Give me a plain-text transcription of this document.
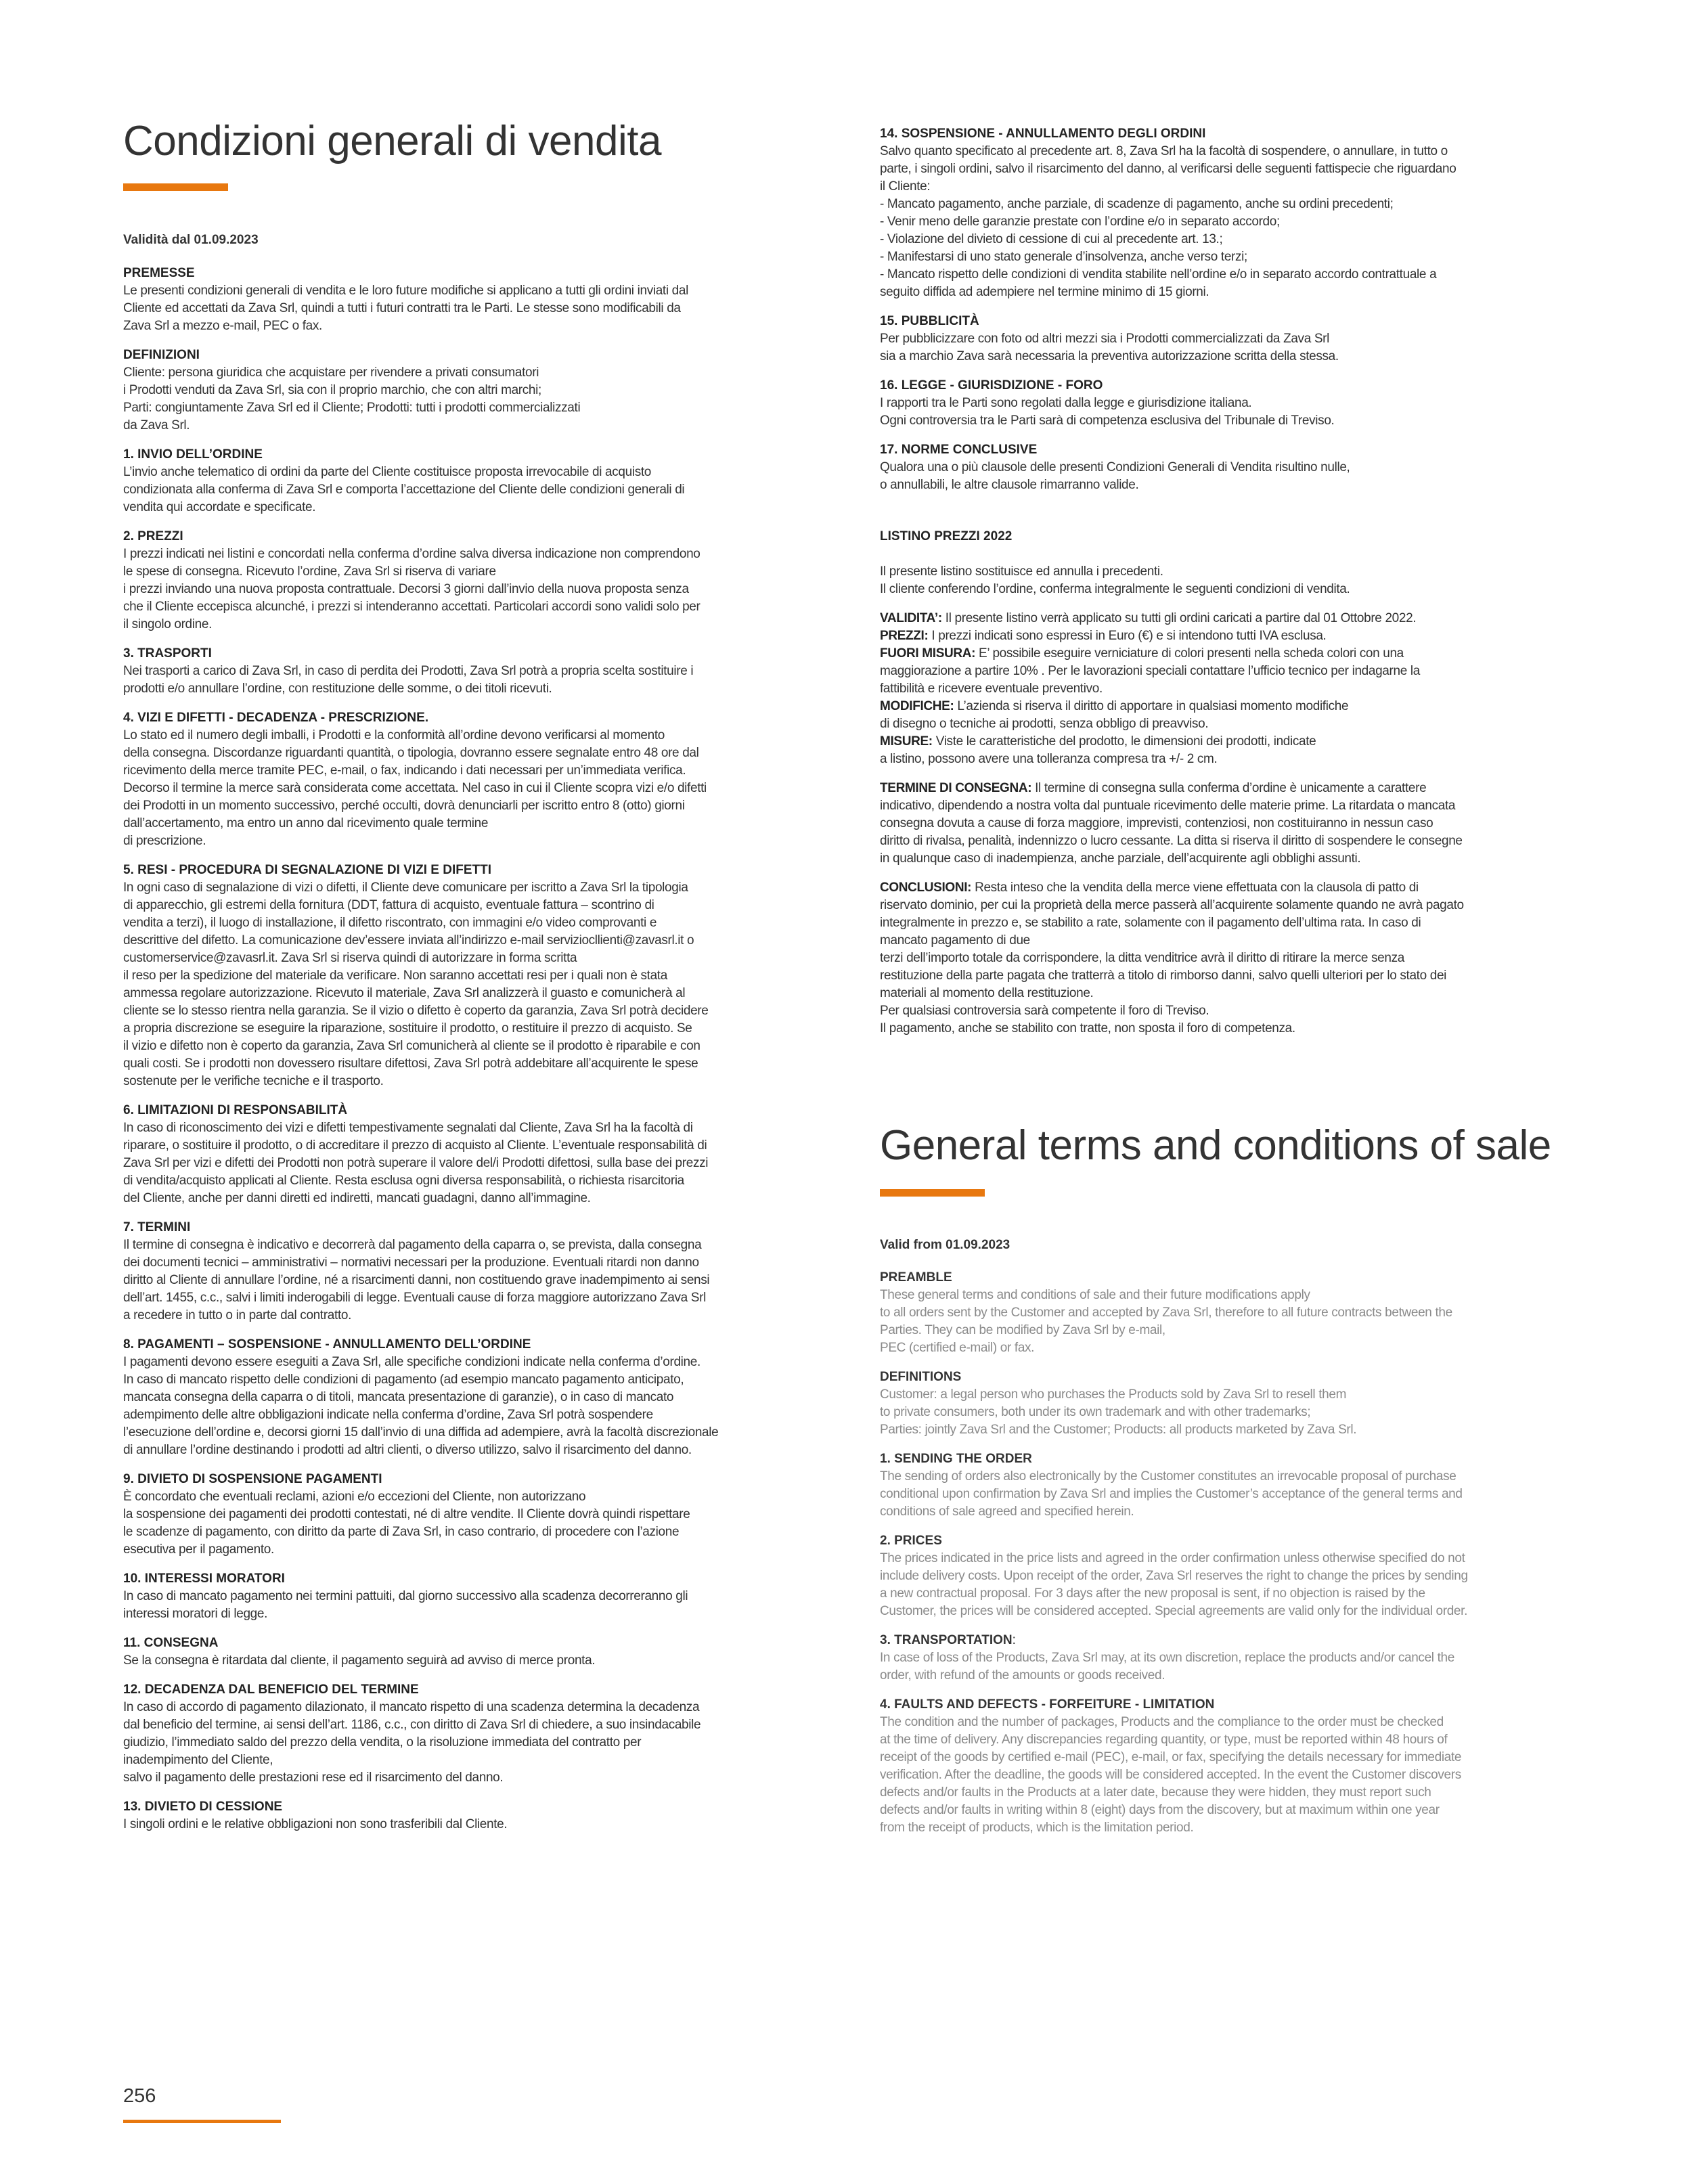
Condizioni generali di vendita
Validità dal 01.09.2023
PREMESSE
Le presenti condizioni generali di vendita e le loro future modifiche si applicano a tutti gli ordini inviati dal
Cliente ed accettati da Zava Srl, quindi a tutti i futuri contratti tra le Parti. Le stesse sono modificabili da
Zava Srl a mezzo e-mail, PEC o fax.
DEFINIZIONI
Cliente: persona giuridica che acquistare per rivendere a privati consumatori
i Prodotti venduti da Zava Srl, sia con il proprio marchio, che con altri marchi;
Parti: congiuntamente Zava Srl ed il Cliente; Prodotti: tutti i prodotti commercializzati
da Zava Srl.
1. INVIO DELL’ORDINE
L’invio anche telematico di ordini da parte del Cliente costituisce proposta irrevocabile di acquisto
condizionata alla conferma di Zava Srl e comporta l’accettazione del Cliente delle condizioni generali di
vendita qui accordate e specificate.
2. PREZZI
I prezzi indicati nei listini e concordati nella conferma d’ordine salva diversa indicazione non comprendono
le spese di consegna. Ricevuto l’ordine, Zava Srl si riserva di variare
i prezzi inviando una nuova proposta contrattuale. Decorsi 3 giorni dall’invio della nuova proposta senza
che il Cliente eccepisca alcunché, i prezzi si intenderanno accettati. Particolari accordi sono validi solo per
il singolo ordine.
3. TRASPORTI
Nei trasporti a carico di Zava Srl, in caso di perdita dei Prodotti, Zava Srl potrà a propria scelta sostituire i
prodotti e/o annullare l’ordine, con restituzione delle somme, o dei titoli ricevuti.
4. VIZI E DIFETTI - DECADENZA - PRESCRIZIONE.
Lo stato ed il numero degli imballi, i Prodotti e la conformità all’ordine devono verificarsi al momento
della consegna. Discordanze riguardanti quantità, o tipologia, dovranno essere segnalate entro 48 ore dal
ricevimento della merce tramite PEC, e-mail, o fax, indicando i dati necessari per un’immediata verifica.
Decorso il termine la merce sarà considerata come accettata. Nel caso in cui il Cliente scopra vizi e/o difetti
dei Prodotti in un momento successivo, perché occulti, dovrà denunciarli per iscritto entro 8 (otto) giorni
dall’accertamento, ma entro un anno dal ricevimento quale termine
di prescrizione.
5. RESI - PROCEDURA DI SEGNALAZIONE DI VIZI E DIFETTI
In ogni caso di segnalazione di vizi o difetti, il Cliente deve comunicare per iscritto a Zava Srl la tipologia
di apparecchio, gli estremi della fornitura (DDT, fattura di acquisto, eventuale fattura – scontrino di
vendita a terzi), il luogo di installazione, il difetto riscontrato, con immagini e/o video comprovanti e
descrittive del difetto. La comunicazione dev’essere inviata all’indirizzo e-mail serviziocllienti@zavasrl.it o
customerservice@zavasrl.it. Zava Srl si riserva quindi di autorizzare in forma scritta
il reso per la spedizione del materiale da verificare. Non saranno accettati resi per i quali non è stata
ammessa regolare autorizzazione. Ricevuto il materiale, Zava Srl analizzerà il guasto e comunicherà al
cliente se lo stesso rientra nella garanzia. Se il vizio o difetto è coperto da garanzia, Zava Srl potrà decidere
a propria discrezione se eseguire la riparazione, sostituire il prodotto, o restituire il prezzo di acquisto. Se
il vizio e difetto non è coperto da garanzia, Zava Srl comunicherà al cliente se il prodotto è riparabile e con
quali costi. Se i prodotti non dovessero risultare difettosi, Zava Srl potrà addebitare all’acquirente le spese
sostenute per le verifiche tecniche e il trasporto.
6. LIMITAZIONI DI RESPONSABILITÀ
In caso di riconoscimento dei vizi e difetti tempestivamente segnalati dal Cliente, Zava Srl ha la facoltà di
riparare, o sostituire il prodotto, o di accreditare il prezzo di acquisto al Cliente. L’eventuale responsabilità di
Zava Srl per vizi e difetti dei Prodotti non potrà superare il valore del/i Prodotti difettosi, sulla base dei prezzi
di vendita/acquisto applicati al Cliente. Resta esclusa ogni diversa responsabilità, o richiesta risarcitoria
del Cliente, anche per danni diretti ed indiretti, mancati guadagni, danno all’immagine.
7. TERMINI
Il termine di consegna è indicativo e decorrerà dal pagamento della caparra o, se prevista, dalla consegna
dei documenti tecnici – amministrativi – normativi necessari per la produzione. Eventuali ritardi non danno
diritto al Cliente di annullare l’ordine, né a risarcimenti danni, non costituendo grave inadempimento ai sensi
dell’art. 1455, c.c., salvi i limiti inderogabili di legge. Eventuali cause di forza maggiore autorizzano Zava Srl
a recedere in tutto o in parte dal contratto.
8. PAGAMENTI – SOSPENSIONE - ANNULLAMENTO DELL’ORDINE
I pagamenti devono essere eseguiti a Zava Srl, alle specifiche condizioni indicate nella conferma d’ordine.
In caso di mancato rispetto delle condizioni di pagamento (ad esempio mancato pagamento anticipato,
mancata consegna della caparra o di titoli, mancata presentazione di garanzie), o in caso di mancato
adempimento delle altre obbligazioni indicate nella conferma d’ordine, Zava Srl potrà sospendere
l’esecuzione dell’ordine e, decorsi giorni 15 dall’invio di una diffida ad adempiere, avrà la facoltà discrezionale
di annullare l’ordine destinando i prodotti ad altri clienti, o diverso utilizzo, salvo il risarcimento del danno.
9. DIVIETO DI SOSPENSIONE PAGAMENTI
È concordato che eventuali reclami, azioni e/o eccezioni del Cliente, non autorizzano
la sospensione dei pagamenti dei prodotti contestati, né di altre vendite. Il Cliente dovrà quindi rispettare
le scadenze di pagamento, con diritto da parte di Zava Srl, in caso contrario, di procedere con l’azione
esecutiva per il pagamento.
10. INTERESSI MORATORI
In caso di mancato pagamento nei termini pattuiti, dal giorno successivo alla scadenza decorreranno gli
interessi moratori di legge.
11. CONSEGNA
Se la consegna è ritardata dal cliente, il pagamento seguirà ad avviso di merce pronta.
12. DECADENZA DAL BENEFICIO DEL TERMINE
In caso di accordo di pagamento dilazionato, il mancato rispetto di una scadenza determina la decadenza
dal beneficio del termine, ai sensi dell’art. 1186, c.c., con diritto di Zava Srl di chiedere, a suo insindacabile
giudizio, l’immediato saldo del prezzo della vendita, o la risoluzione immediata del contratto per
inadempimento del Cliente,
salvo il pagamento delle prestazioni rese ed il risarcimento del danno.
13. DIVIETO DI CESSIONE
I singoli ordini e le relative obbligazioni non sono trasferibili dal Cliente.
14. SOSPENSIONE - ANNULLAMENTO DEGLI ORDINI
Salvo quanto specificato al precedente art. 8, Zava Srl ha la facoltà di sospendere, o annullare, in tutto o
parte, i singoli ordini, salvo il risarcimento del danno, al verificarsi delle seguenti fattispecie che riguardano
il Cliente:
- Mancato pagamento, anche parziale, di scadenze di pagamento, anche su ordini precedenti;
- Venir meno delle garanzie prestate con l’ordine e/o in separato accordo;
- Violazione del divieto di cessione di cui al precedente art. 13.;
- Manifestarsi di uno stato generale d’insolvenza, anche verso terzi;
- Mancato rispetto delle condizioni di vendita stabilite nell’ordine e/o in separato accordo contrattuale a
seguito diffida ad adempiere nel termine minimo di 15 giorni.
15. PUBBLICITÀ
Per pubblicizzare con foto od altri mezzi sia i Prodotti commercializzati da Zava Srl
sia a marchio Zava sarà necessaria la preventiva autorizzazione scritta della stessa.
16. LEGGE - GIURISDIZIONE - FORO
I rapporti tra le Parti sono regolati dalla legge e giurisdizione italiana.
Ogni controversia tra le Parti sarà di competenza esclusiva del Tribunale di Treviso.
17. NORME CONCLUSIVE
Qualora una o più clausole delle presenti Condizioni Generali di Vendita risultino nulle,
o annullabili, le altre clausole rimarranno valide.
LISTINO PREZZI 2022
Il presente listino sostituisce ed annulla i precedenti.
Il cliente conferendo l’ordine, conferma integralmente le seguenti condizioni di vendita.
VALIDITA’: Il presente listino verrà applicato su tutti gli ordini caricati a partire dal 01 Ottobre 2022.
PREZZI: I prezzi indicati sono espressi in Euro (€) e si intendono tutti IVA esclusa.
FUORI MISURA: E’ possibile eseguire verniciature di colori presenti nella scheda colori con una
maggiorazione a partire 10% . Per le lavorazioni speciali contattare l’ufficio tecnico per indagarne la
fattibilità e ricevere eventuale preventivo.
MODIFICHE: L’azienda si riserva il diritto di apportare in qualsiasi momento modifiche
di disegno o tecniche ai prodotti, senza obbligo di preavviso.
MISURE: Viste le caratteristiche del prodotto, le dimensioni dei prodotti, indicate
a listino, possono avere una tolleranza compresa tra +/- 2 cm.
TERMINE DI CONSEGNA: Il termine di consegna sulla conferma d’ordine è unicamente a carattere
indicativo, dipendendo a nostra volta dal puntuale ricevimento delle materie prime. La ritardata o mancata
consegna dovuta a cause di forza maggiore, imprevisti, contenziosi, non costituiranno in nessun caso
diritto di rivalsa, penalità, indennizzo o lucro cessante. La ditta si riserva il diritto di sospendere le consegne
in qualunque caso di inadempienza, anche parziale, dell’acquirente agli obblighi assunti.
CONCLUSIONI: Resta inteso che la vendita della merce viene effettuata con la clausola di patto di
riservato dominio, per cui la proprietà della merce passerà all’acquirente solamente quando ne avrà pagato
integralmente in prezzo e, se stabilito a rate, solamente con il pagamento dell’ultima rata. In caso di
mancato pagamento di due
terzi dell’importo totale da corrispondere, la ditta venditrice avrà il diritto di ritirare la merce senza
restituzione della parte pagata che tratterrà a titolo di rimborso danni, salvo quelli ulteriori per lo stato dei
materiali al momento della restituzione.
Per qualsiasi controversia sarà competente il foro di Treviso.
Il pagamento, anche se stabilito con tratte, non sposta il foro di competenza.
General terms and conditions of sale
Valid from 01.09.2023
PREAMBLE
These general terms and conditions of sale and their future modifications apply
to all orders sent by the Customer and accepted by Zava Srl, therefore to all future contracts between the
Parties. They can be modified by Zava Srl by e-mail,
PEC (certified e-mail) or fax.
DEFINITIONS
Customer: a legal person who purchases the Products sold by Zava Srl to resell them
to private consumers, both under its own trademark and with other trademarks;
Parties: jointly Zava Srl and the Customer; Products: all products marketed by Zava Srl.
1. SENDING THE ORDER
The sending of orders also electronically by the Customer constitutes an irrevocable proposal of purchase
conditional upon confirmation by Zava Srl and implies the Customer’s acceptance of the general terms and
conditions of sale agreed and specified herein.
2. PRICES
The prices indicated in the price lists and agreed in the order confirmation unless otherwise specified do not
include delivery costs. Upon receipt of the order, Zava Srl reserves the right to change the prices by sending
a new contractual proposal. For 3 days after the new proposal is sent, if no objection is raised by the
Customer, the prices will be considered accepted. Special agreements are valid only for the individual order.
3. TRANSPORTATION:
In case of loss of the Products, Zava Srl may, at its own discretion, replace the products and/or cancel the
order, with refund of the amounts or goods received.
4. FAULTS AND DEFECTS - FORFEITURE - LIMITATION
The condition and the number of packages, Products and the compliance to the order must be checked
at the time of delivery. Any discrepancies regarding quantity, or type, must be reported within 48 hours of
receipt of the goods by certified e-mail (PEC), e-mail, or fax, specifying the details necessary for immediate
verification. After the deadline, the goods will be considered accepted. In the event the Customer discovers
defects and/or faults in the Products at a later date, because they were hidden, they must report such
defects and/or faults in writing within 8 (eight) days from the discovery, but at maximum within one year
from the receipt of products, which is the limitation period.
256
